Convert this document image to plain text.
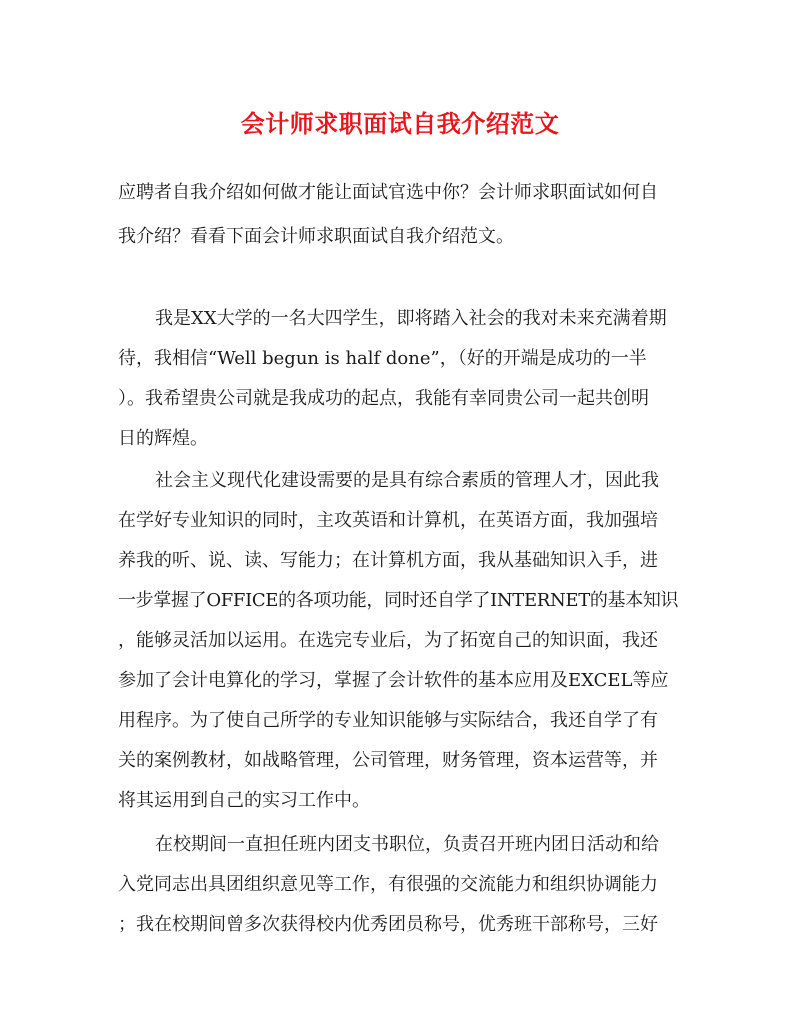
会计师求职面试自我介绍范文
应聘者自我介绍如何做才能让面试官选中你？会计师求职面试如何自
我介绍？看看下面会计师求职面试自我介绍范文。
我是XX大学的一名大四学生，即将踏入社会的我对未来充满着期
待，我相信“Well begun is half done”，（好的开端是成功的一半
）。我希望贵公司就是我成功的起点，我能有幸同贵公司一起共创明
日的辉煌。
社会主义现代化建设需要的是具有综合素质的管理人才，因此我
在学好专业知识的同时，主攻英语和计算机，在英语方面，我加强培
养我的听、说、读、写能力；在计算机方面，我从基础知识入手，进
一步掌握了OFFICE的各项功能，同时还自学了INTERNET的基本知识
，能够灵活加以运用。在选完专业后，为了拓宽自己的知识面，我还
参加了会计电算化的学习，掌握了会计软件的基本应用及EXCEL等应
用程序。为了使自己所学的专业知识能够与实际结合，我还自学了有
关的案例教材，如战略管理，公司管理，财务管理，资本运营等，并
将其运用到自己的实习工作中。
在校期间一直担任班内团支书职位，负责召开班内团日活动和给
入党同志出具团组织意见等工作，有很强的交流能力和组织协调能力
；我在校期间曾多次获得校内优秀团员称号，优秀班干部称号，三好
